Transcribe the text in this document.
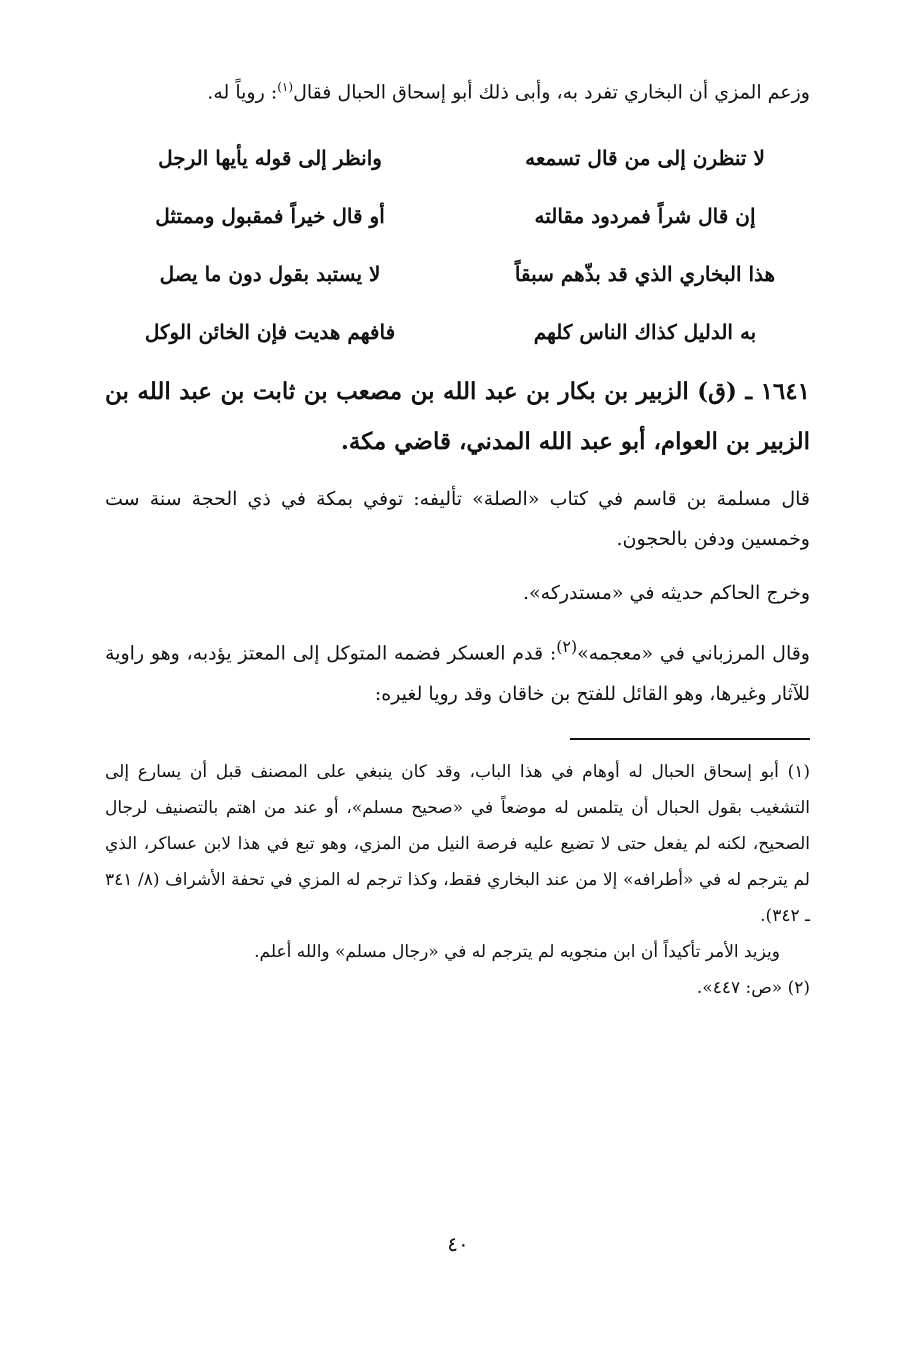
وزعم المزي أن البخاري تفرد به، وأبى ذلك أبو إسحاق الحبال فقال$^{(١)}$: روياً له.

لا تنظرن إلى من قال تسمعه
وانظر إلى قوله يأيها الرجل
إن قال شراً فمردود مقالته
أو قال خيراً فمقبول وممتثل
هذا البخاري الذي قد بذّهم سبقاً
لا يستبد بقول دون ما يصل
به الدليل كذاك الناس كلهم
فافهم هديت فإن الخائن الوكل
١٦٤١ ـ (ق) الزبير بن بكار بن عبد الله بن مصعب بن ثابت بن عبد الله بن الزبير بن العوام، أبو عبد الله المدني، قاضي مكة.
قال مسلمة بن قاسم في كتاب «الصلة» تأليفه: توفي بمكة في ذي الحجة سنة ست وخمسين ودفن بالحجون.
وخرج الحاكم حديثه في «مستدركه».
وقال المرزباني في «معجمه»$^{(٢)}$: قدم العسكر فضمه المتوكل إلى المعتز يؤدبه، وهو راوية للآثار وغيرها، وهو القائل للفتح بن خاقان وقد رويا لغيره:

(١) أبو إسحاق الحبال له أوهام في هذا الباب، وقد كان ينبغي على المصنف قبل أن يسارع إلى التشغيب بقول الحبال أن يتلمس له موضعاً في «صحيح مسلم»، أو عند من اهتم بالتصنيف لرجال الصحيح، لكنه لم يفعل حتى لا تضيع عليه فرصة النيل من المزي، وهو تبع في هذا لابن عساكر، الذي لم يترجم له في «أطرافه» إلا من عند البخاري فقط، وكذا ترجم له المزي في تحفة الأشراف (٨/ ٣٤١ ـ ٣٤٢).

ويزيد الأمر تأكيداً أن ابن منجويه لم يترجم له في «رجال مسلم» والله أعلم.

(٢) «ص: ٤٤٧».

٤٠
